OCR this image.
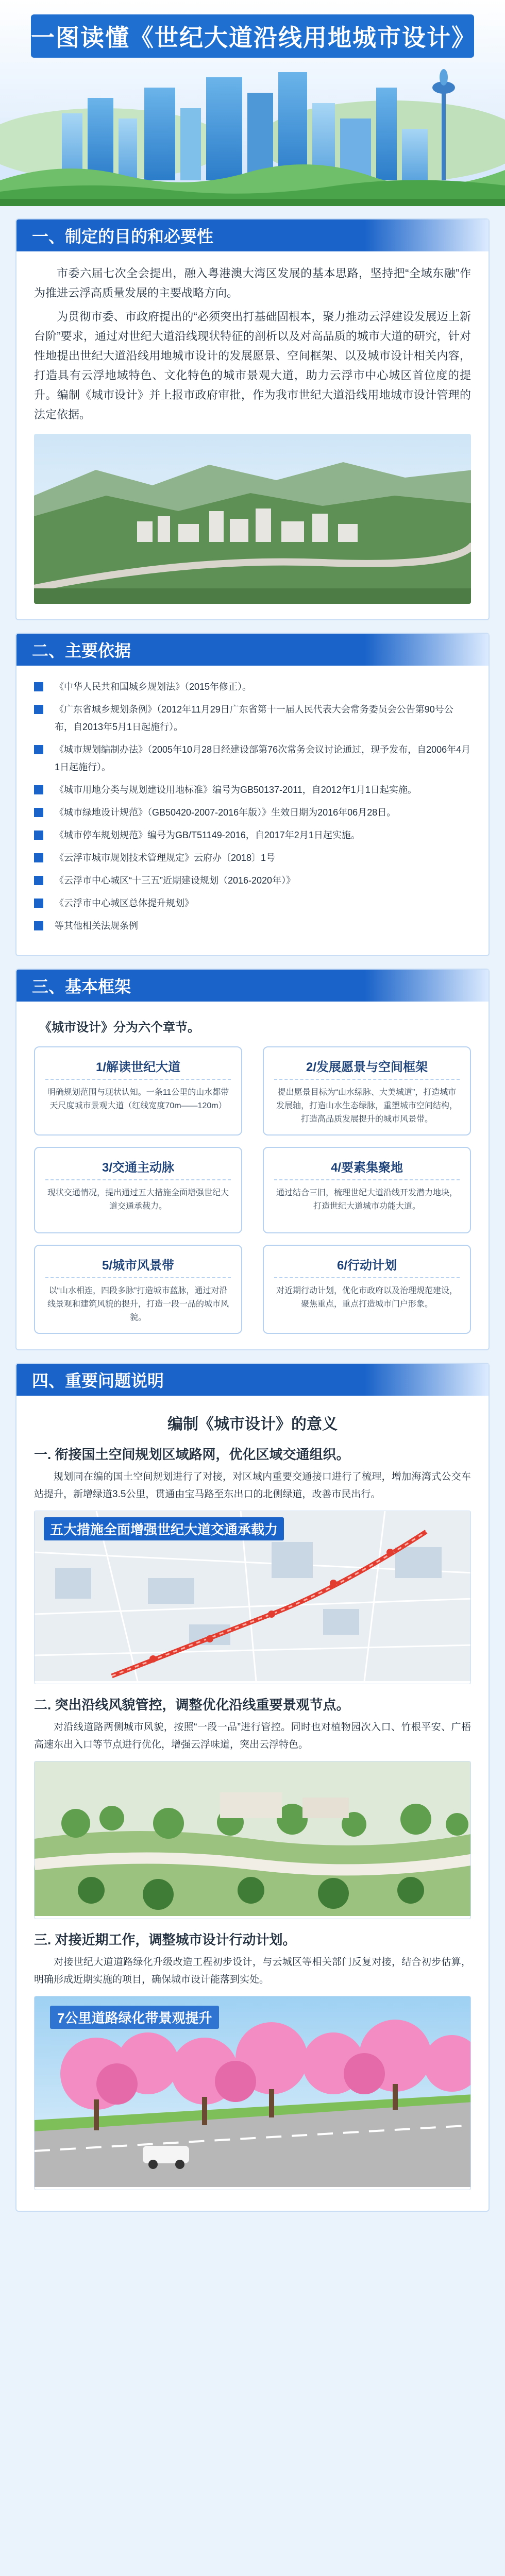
一图读懂《世纪大道沿线用地城市设计》
一、制定的目的和必要性

市委六届七次全会提出，融入粤港澳大湾区发展的基本思路，坚持把“全域东融”作为推进云浮高质量发展的主要战略方向。

为贯彻市委、市政府提出的“必须突出打基础固根本，聚力推动云浮建设发展迈上新台阶”要求，通过对世纪大道沿线现状特征的剖析以及对高品质的城市大道的研究，针对性地提出世纪大道沿线用地城市设计的发展愿景、空间框架、以及城市设计相关内容，打造具有云浮地域特色、文化特色的城市景观大道，助力云浮市中心城区首位度的提升。编制《城市设计》并上报市政府审批，作为我市世纪大道沿线用地城市设计管理的法定依据。

二、主要依据
《中华人民共和国城乡规划法》（2015年修正）。
《广东省城乡规划条例》（2012年11月29日广东省第十一届人民代表大会常务委员会公告第90号公布，自2013年5月1日起施行）。
《城市规划编制办法》（2005年10月28日经建设部第76次常务会议讨论通过，现予发布，自2006年4月1日起施行）。
《城市用地分类与规划建设用地标准》编号为GB50137-2011，自2012年1月1日起实施。
《城市绿地设计规范》（GB50420-2007-2016年版）》生效日期为2016年06月28日。
《城市停车规划规范》编号为GB/T51149-2016，自2017年2月1日起实施。
《云浮市城市规划技术管理规定》云府办〔2018〕1号
《云浮市中心城区“十三五”近期建设规划（2016-2020年）》
《云浮市中心城区总体提升规划》
等其他相关法规条例
三、基本框架
《城市设计》分为六个章节。
1/解读世纪大道
明确规划范围与现状认知。一条11公里的山水都带天尺度城市景观大道（红线宽度70m——120m）
2/发展愿景与空间框架
提出愿景目标为“山水绿脉、大美城道”，打造城市发展轴，打造山水生态绿脉，重塑城市空间结构，打造高品质发展提升的城市风景带。
3/交通主动脉
现状交通情况，提出通过五大措施全面增强世纪大道交通承载力。
4/要素集聚地
通过结合三旧，梳理世纪大道沿线开发潜力地块，打造世纪大道城市功能大道。
5/城市风景带
以“山水相连，四段多脉”打造城市蓝脉，通过对沿线景观和建筑风貌的提升，打造一段一品的城市风貌。
6/行动计划
对近期行动计划，优化市政府以及治理规范建设，聚焦重点，重点打造城市门户形象。
四、重要问题说明
编制《城市设计》的意义
一. 衔接国土空间规划区域路网，优化区域交通组织。

规划同在编的国土空间规划进行了对接，对区域内重要交通接口进行了梳理，增加海湾式公交车站提升，新增绿道3.5公里，贯通由宝马路至东出口的北侧绿道，改善市民出行。

五大措施全面增强世纪大道交通承载力
二. 突出沿线风貌管控，调整优化沿线重要景观节点。

对沿线道路两侧城市风貌，按照“一段一品”进行管控。同时也对植物园次入口、竹根平安、广梧高速东出入口等节点进行优化，增强云浮味道，突出云浮特色。

三. 对接近期工作，调整城市设计行动计划。

对接世纪大道道路绿化升级改造工程初步设计，与云城区等相关部门反复对接，结合初步估算，明确形成近期实施的项目，确保城市设计能落到实处。

7公里道路绿化带景观提升
